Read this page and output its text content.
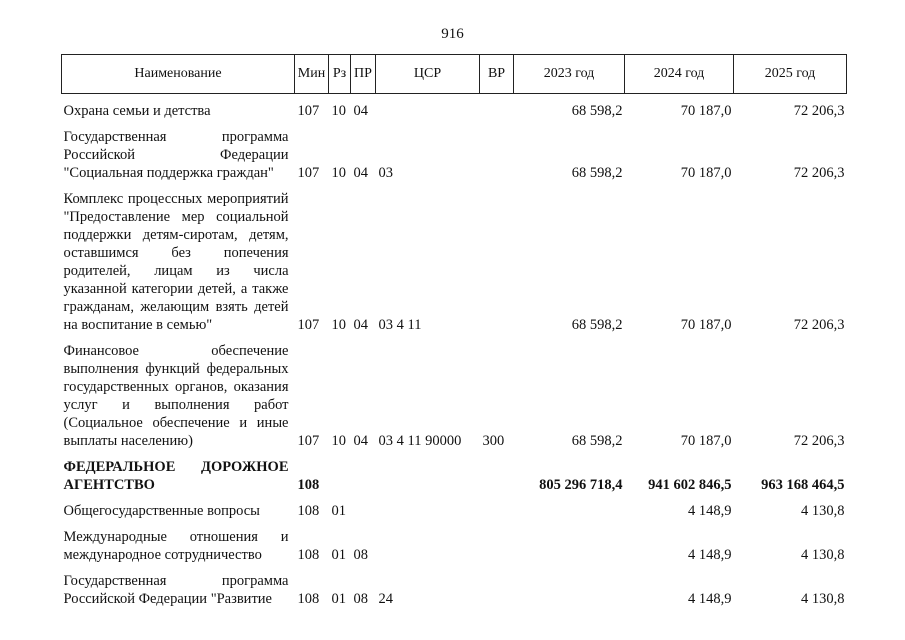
916
Наименование	Мин	Рз	ПР	ЦСР	ВР	2023 год	2024 год	2025 год
Охрана семьи и детства	107	10	04			68 598,2	70 187,0	72 206,3
Государственная программа Российской Федерации "Социальная поддержка граждан"	107	10	04	03		68 598,2	70 187,0	72 206,3
Комплекс процессных мероприятий "Предоставление мер социальной поддержки детям-сиротам, детям, оставшимся без попечения родителей, лицам из числа указанной категории детей, а также гражданам, желающим взять детей на воспитание в семью"	107	10	04	03 4 11		68 598,2	70 187,0	72 206,3
Финансовое обеспечение выполнения функций федеральных государственных органов, оказания услуг и выполнения работ (Социальное обеспечение и иные выплаты населению)	107	10	04	03 4 11 90000	300	68 598,2	70 187,0	72 206,3
ФЕДЕРАЛЬНОЕ ДОРОЖНОЕ АГЕНТСТВО	108					805 296 718,4	941 602 846,5	963 168 464,5
Общегосударственные вопросы	108	01					4 148,9	4 130,8
Международные отношения и международное сотрудничество	108	01	08				4 148,9	4 130,8
Государственная программа Российской Федерации "Развитие	108	01	08	24			4 148,9	4 130,8
